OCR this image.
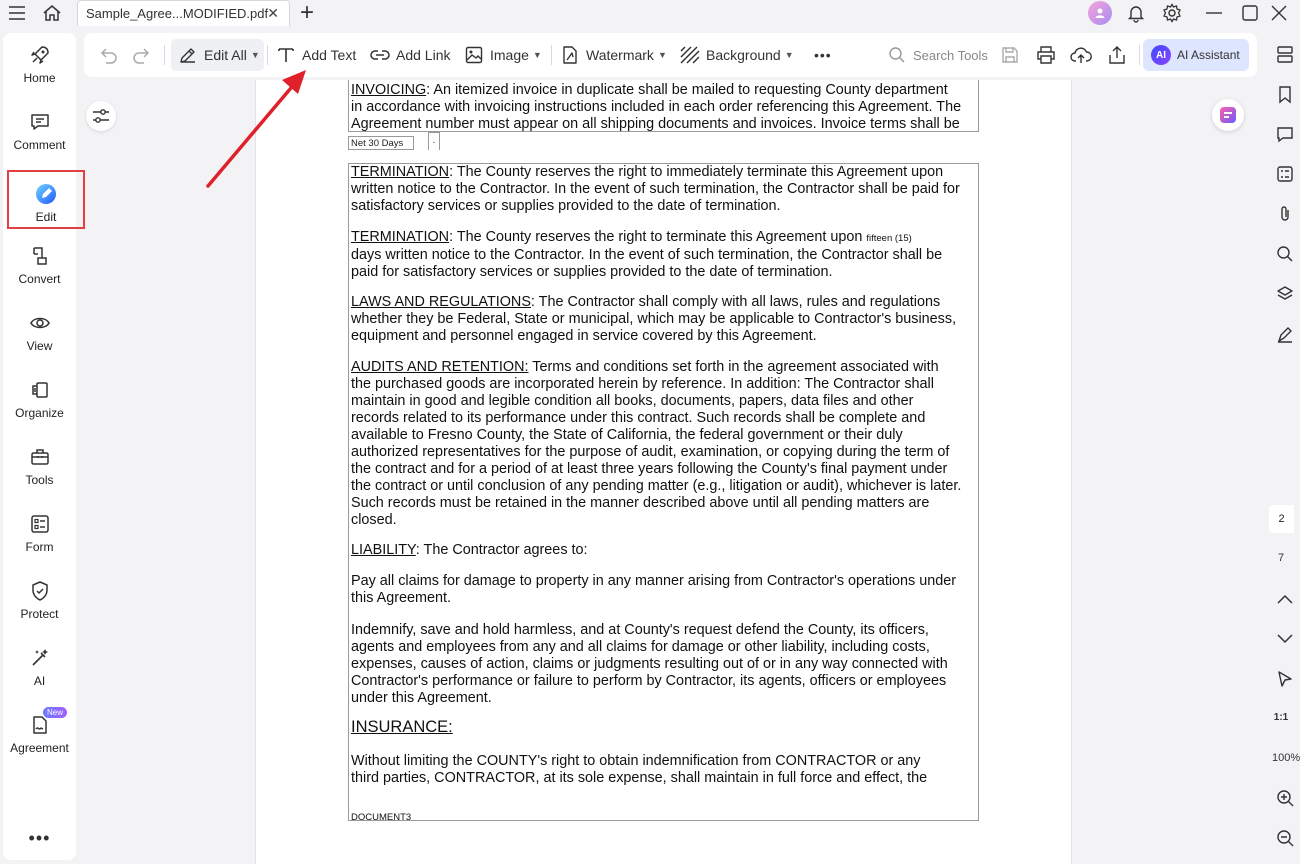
Sample_Agree...MODIFIED.pdf ✕ +
Home
Comment
Edit
Convert
View
Organize
Tools
Form
Protect
AI
New
Agreement
•••
Edit All ▼	Add Text	Add Link	Image ▼	Watermark ▼	Background ▼ •••	Search Tools	AI AI Assistant
INVOICING: An itemized invoice in duplicate shall be mailed to requesting County department
in accordance with invoicing instructions included in each order referencing this Agreement. The
Agreement number must appear on all shipping documents and invoices. Invoice terms shall be
Net 30 Days	.
TERMINATION: The County reserves the right to immediately terminate this Agreement upon
written notice to the Contractor. In the event of such termination, the Contractor shall be paid for
satisfactory services or supplies provided to the date of termination.
TERMINATION: The County reserves the right to terminate this Agreement upon fifteen (15)
days written notice to the Contractor. In the event of such termination, the Contractor shall be
paid for satisfactory services or supplies provided to the date of termination.
LAWS AND REGULATIONS: The Contractor shall comply with all laws, rules and regulations
whether they be Federal, State or municipal, which may be applicable to Contractor's business,
equipment and personnel engaged in service covered by this Agreement.
AUDITS AND RETENTION: Terms and conditions set forth in the agreement associated with
the purchased goods are incorporated herein by reference. In addition: The Contractor shall
maintain in good and legible condition all books, documents, papers, data files and other
records related to its performance under this contract. Such records shall be complete and
available to Fresno County, the State of California, the federal government or their duly
authorized representatives for the purpose of audit, examination, or copying during the term of
the contract and for a period of at least three years following the County's final payment under
the contract or until conclusion of any pending matter (e.g., litigation or audit), whichever is later.
Such records must be retained in the manner described above until all pending matters are
closed.
LIABILITY: The Contractor agrees to:
Pay all claims for damage to property in any manner arising from Contractor's operations under
this Agreement.
Indemnify, save and hold harmless, and at County's request defend the County, its officers,
agents and employees from any and all claims for damage or other liability, including costs,
expenses, causes of action, claims or judgments resulting out of or in any way connected with
Contractor's performance or failure to perform by Contractor, its agents, officers or employees
under this Agreement.
INSURANCE:
Without limiting the COUNTY's right to obtain indemnification from CONTRACTOR or any
third parties, CONTRACTOR, at its sole expense, shall maintain in full force and effect, the
DOCUMENT3
2
7
1:1
100%
